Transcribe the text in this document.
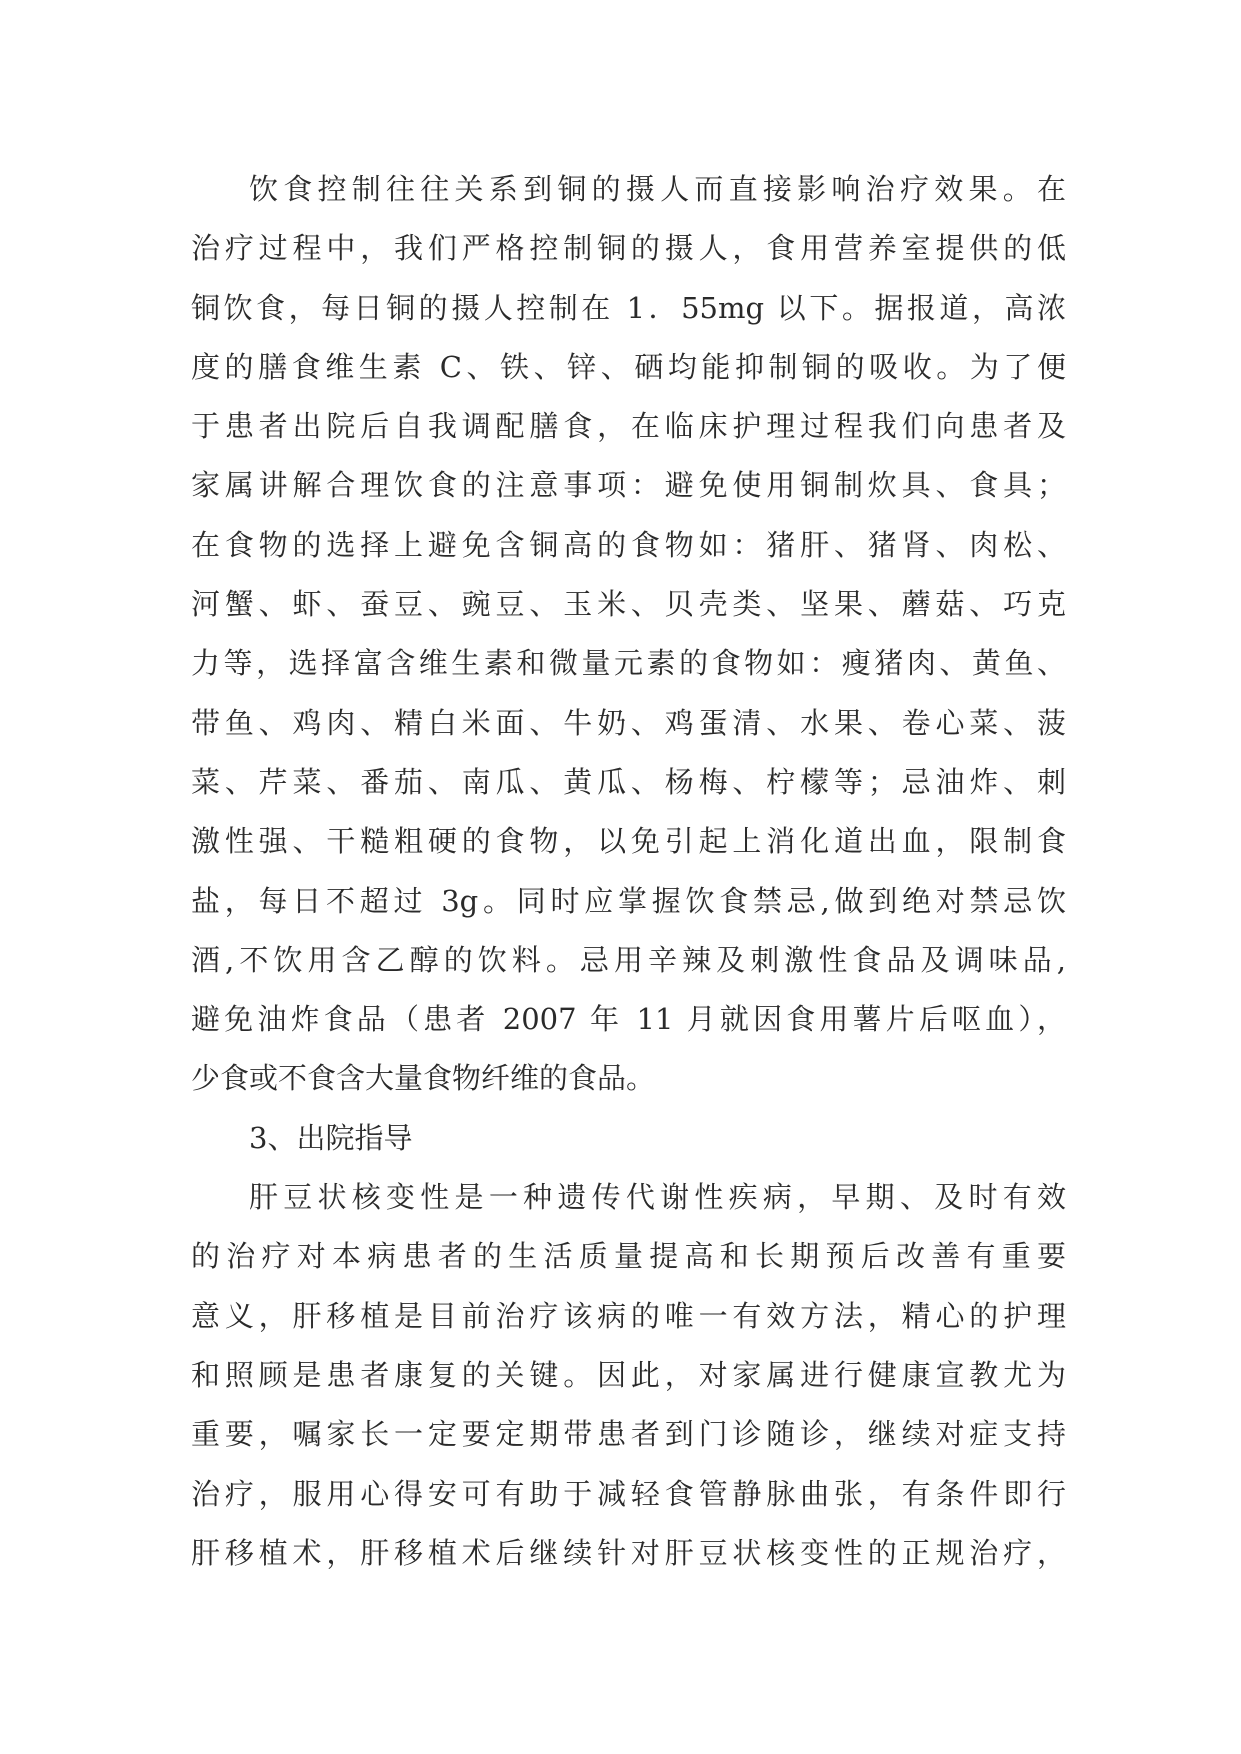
饮食控制往往关系到铜的摄人而直接影响治疗效果。在
治疗过程中，我们严格控制铜的摄人，食用营养室提供的低
铜饮食，每日铜的摄人控制在 1．55mg 以下。据报道，高浓
度的膳食维生素 C、铁、锌、硒均能抑制铜的吸收。为了便
于患者出院后自我调配膳食，在临床护理过程我们向患者及
家属讲解合理饮食的注意事项：避免使用铜制炊具、食具；
在食物的选择上避免含铜高的食物如：猪肝、猪肾、肉松、
河蟹、虾、蚕豆、豌豆、玉米、贝壳类、坚果、蘑菇、巧克
力等，选择富含维生素和微量元素的食物如：瘦猪肉、黄鱼、
带鱼、鸡肉、精白米面、牛奶、鸡蛋清、水果、卷心菜、菠
菜、芹菜、番茄、南瓜、黄瓜、杨梅、柠檬等；忌油炸、刺
激性强、干糙粗硬的食物，以免引起上消化道出血，限制食
盐，每日不超过 3g。同时应掌握饮食禁忌,做到绝对禁忌饮
酒,不饮用含乙醇的饮料。忌用辛辣及刺激性食品及调味品,
避免油炸食品（患者 2007 年 11 月就因食用薯片后呕血），
少食或不食含大量食物纤维的食品。
3、出院指导
肝豆状核变性是一种遗传代谢性疾病，早期、及时有效
的治疗对本病患者的生活质量提高和长期预后改善有重要
意义，肝移植是目前治疗该病的唯一有效方法，精心的护理
和照顾是患者康复的关键。因此，对家属进行健康宣教尤为
重要，嘱家长一定要定期带患者到门诊随诊，继续对症支持
治疗，服用心得安可有助于减轻食管静脉曲张，有条件即行
肝移植术，肝移植术后继续针对肝豆状核变性的正规治疗，
